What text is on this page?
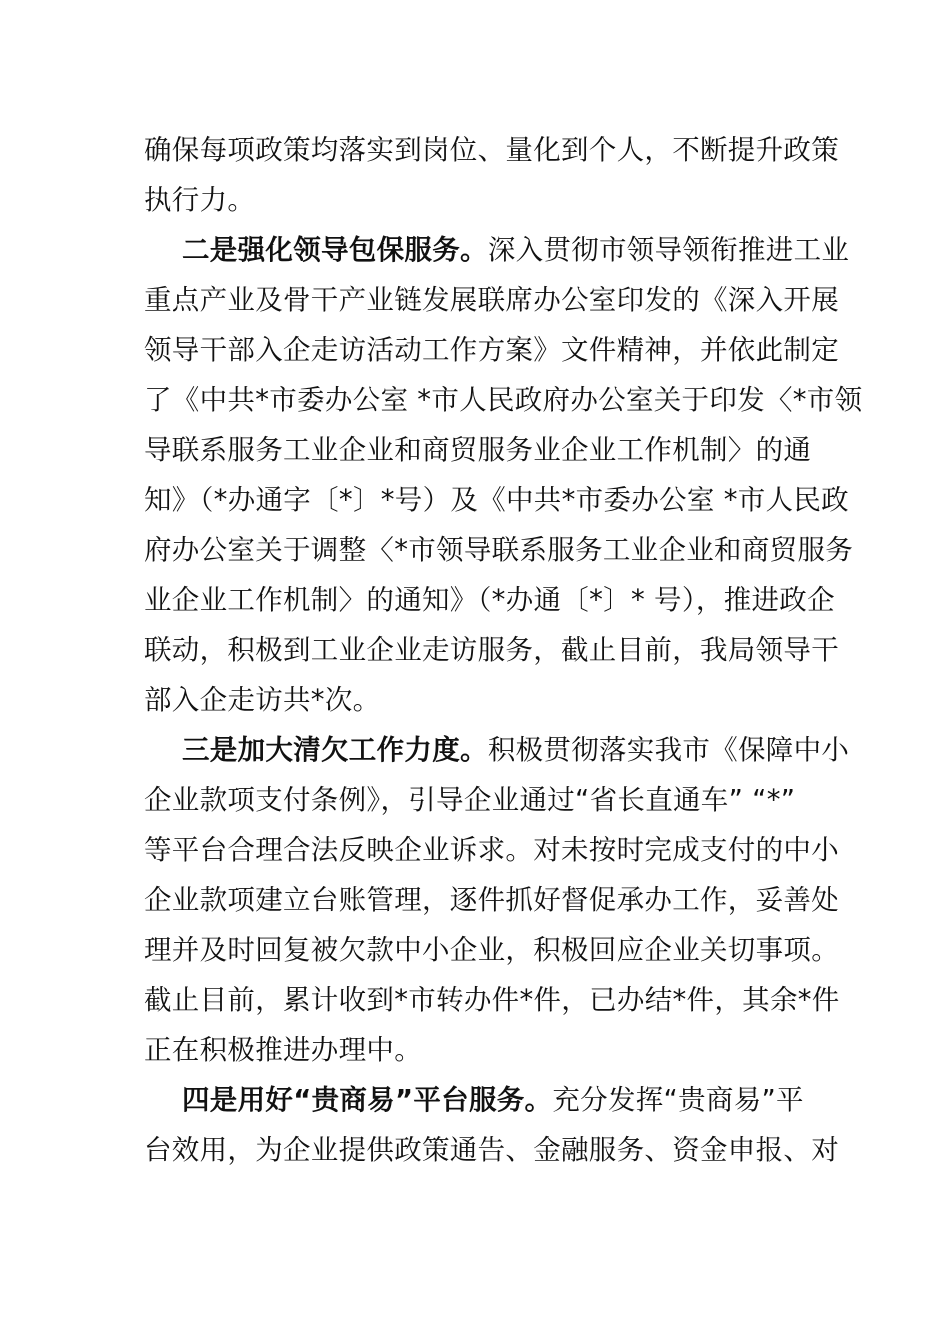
确保每项政策均落实到岗位、量化到个人，不断提升政策
执行力。
二是强化领导包保服务。深入贯彻市领导领衔推进工业
重点产业及骨干产业链发展联席办公室印发的《深入开展
领导干部入企走访活动工作方案》文件精神，并依此制定
了《中共*市委办公室 *市人民政府办公室关于印发〈*市领
导联系服务工业企业和商贸服务业企业工作机制〉的通
知》（*办通字〔*〕*号）及《中共*市委办公室 *市人民政
府办公室关于调整〈*市领导联系服务工业企业和商贸服务
业企业工作机制〉的通知》（*办通〔*〕* 号），推进政企
联动，积极到工业企业走访服务，截止目前，我局领导干
部入企走访共*次。
三是加大清欠工作力度。积极贯彻落实我市《保障中小
企业款项支付条例》，引导企业通过“省长直通车” “*”
等平台合理合法反映企业诉求。对未按时完成支付的中小
企业款项建立台账管理，逐件抓好督促承办工作，妥善处
理并及时回复被欠款中小企业，积极回应企业关切事项。
截止目前，累计收到*市转办件*件，已办结*件，其余*件
正在积极推进办理中。
四是用好“贵商易”平台服务。充分发挥“贵商易”平
台效用，为企业提供政策通告、金融服务、资金申报、对
